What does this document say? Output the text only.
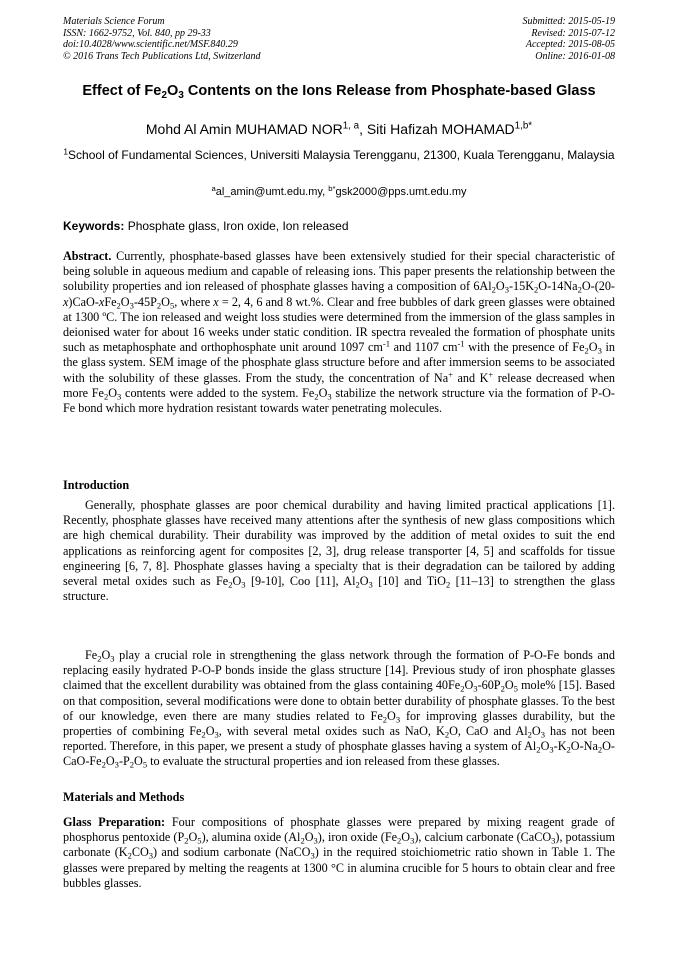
Materials Science Forum
ISSN: 1662-9752, Vol. 840, pp 29-33
doi:10.4028/www.scientific.net/MSF.840.29
© 2016 Trans Tech Publications Ltd, Switzerland
Submitted: 2015-05-19
Revised: 2015-07-12
Accepted: 2015-08-05
Online: 2016-01-08
Effect of $Fe_2O_3$ Contents on the Ions Release from Phosphate-based Glass
Mohd Al Amin MUHAMAD NOR$^{1, a}$, Siti Hafizah $MOHAMAD^{1,b*}$
$^1$School of Fundamental Sciences, Universiti Malaysia Terengganu, 21300, Kuala Terengganu, Malaysia
$^a$al_amin@umt.edu.my, $^{b*}$gsk2000@pps.umt.edu.my
Keywords: Phosphate glass, Iron oxide, Ion released
Abstract. Currently, phosphate-based glasses have been extensively studied for their special characteristic of being soluble in aqueous medium and capable of releasing ions. This paper presents the relationship between the solubility properties and ion released of phosphate glasses having a composition of $6Al_2O_3-15K_2O-14Na_2O-(20-x)CaO-xFe_2O_3-45P_2O_5$, where x = 2, 4, 6 and 8 wt.%. Clear and free bubbles of dark green glasses were obtained at 1300 ºC. The ion released and weight loss studies were determined from the immersion of the glass samples in deionised water for about 16 weeks under static condition. IR spectra revealed the formation of phosphate units such as metaphosphate and orthophosphate unit around 1097 $cm^{-1}$ and 1107 $cm^{-1}$ with the presence of $Fe_2O_3$ in the glass system. SEM image of the phosphate glass structure before and after immersion seems to be associated with the solubility of these glasses. From the study, the concentration of Na+ and K+ release decreased when more $Fe_2O_3$ contents were added to the system. $Fe_2O_3$ stabilize the network structure via the formation of P-O-Fe bond which more hydration resistant towards water penetrating molecules.
Introduction
Generally, phosphate glasses are poor chemical durability and having limited practical applications [1]. Recently, phosphate glasses have received many attentions after the synthesis of new glass compositions which are high chemical durability. Their durability was improved by the addition of metal oxides to suit the end applications as reinforcing agent for composites [2, 3], drug release transporter [4, 5] and scaffolds for tissue engineering [6, 7, 8]. Phosphate glasses having a specialty that is their degradation can be tailored by adding several metal oxides such as $Fe_2O_3$ [9-10], Coo [11], $Al_2O_3$ [10] and TiO$_2$ [11–13] to strengthen the glass structure.
$Fe_2O_3$ play a crucial role in strengthening the glass network through the formation of P-O-Fe bonds and replacing easily hydrated P-O-P bonds inside the glass structure [14]. Previous study of iron phosphate glasses claimed that the excellent durability was obtained from the glass containing $40Fe_2O_3-60P_2O_5$ mole% [15]. Based on that composition, several modifications were done to obtain better durability of phosphate glasses. To the best of our knowledge, even there are many studies related to $Fe_2O_3$ for improving glasses durability, but the properties of combining $Fe_2O_3$, with several metal oxides such as NaO, $K_2O$, CaO and $Al_2O_3$ has not been reported. Therefore, in this paper, we present a study of phosphate glasses having a system of $Al_2O_3-K_2O-Na_2O-CaO-Fe_2O_3-P_2O_5$ to evaluate the structural properties and ion released from these glasses.
Materials and Methods
Glass Preparation: Four compositions of phosphate glasses were prepared by mixing reagent grade of phosphorus pentoxide $(P_2O_5)$, alumina oxide $(Al_2O_3)$, iron oxide $(Fe_2O_3)$, calcium carbonate (CaCO$_3$), potassium carbonate $(K_2CO_3)$ and sodium carbonate (NaCO$_3$) in the required stoichiometric ratio shown in Table 1. The glasses were prepared by melting the reagents at 1300 °C in alumina crucible for 5 hours to obtain clear and free bubbles glasses.
